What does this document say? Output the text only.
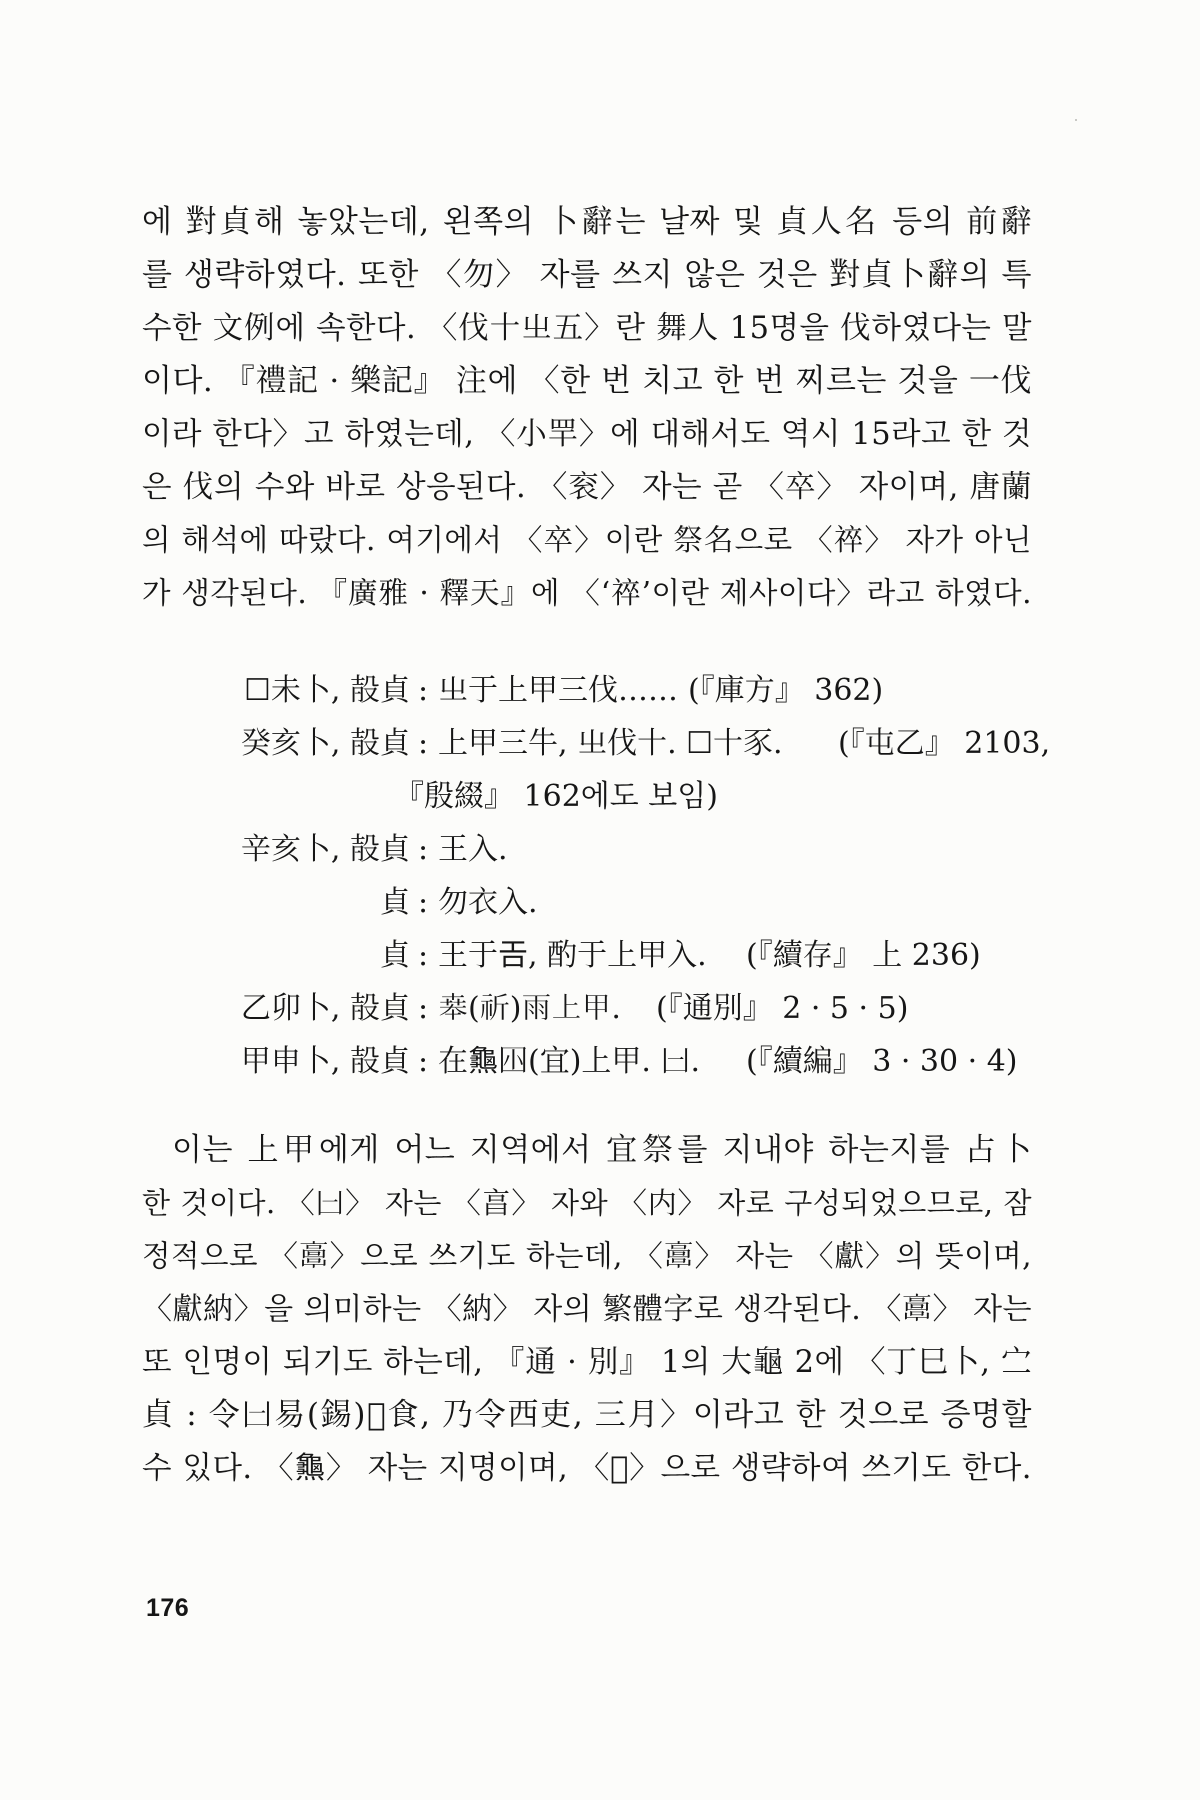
에 對貞해 놓았는데, 왼쪽의 卜辭는 날짜 및 貞人名 등의 前辭
를 생략하였다. 또한 〈勿〉 자를 쓰지 않은 것은 對貞卜辭의 특
수한 文例에 속한다. 〈伐十㞢五〉란 舞人 15명을 伐하였다는 말
이다. 『禮記 · 樂記』 注에 〈한 번 치고 한 번 찌르는 것을 一伐
이라 한다〉고 하였는데, 〈小䍐〉에 대해서도 역시 15라고 한 것
은 伐의 수와 바로 상응된다. 〈衮〉 자는 곧 〈卒〉 자이며, 唐蘭
의 해석에 따랐다. 여기에서 〈卒〉이란 祭名으로 〈祽〉 자가 아닌
가 생각된다. 『廣雅 · 釋天』에 〈‘祽’이란 제사이다〉라고 하였다.
☐未卜, 㱿貞 : 㞢于上甲三伐…… (『庫方』 362)
癸亥卜, 㱿貞 : 上甲三牛, 㞢伐十. ☐十豕. (『屯乙』 2103,
『殷綴』 162에도 보임)
辛亥卜, 㱿貞 : 王入.
貞 : 勿衣入.
貞 : 王于𢀛, 酌于上甲入. (『續存』 上 236)
乙卯卜, 㱿貞 : 𠦪(祈)雨上甲. (『通別』 2 · 5 · 5)
甲申卜, 㱿貞 : 在𪚰𡆧(宜)上甲. 𠙵. (『續編』 3 · 30 · 4)
이는 上甲에게 어느 지역에서 宜祭를 지내야 하는지를 占卜
한 것이다. 〈𠙵〉 자는 〈亯〉 자와 〈内〉 자로 구성되었으므로, 잠
정적으로 〈𩫖〉으로 쓰기도 하는데, 〈𩫖〉 자는 〈獻〉의 뜻이며,
〈獻納〉을 의미하는 〈納〉 자의 繁體字로 생각된다. 〈𩫖〉 자는
또 인명이 되기도 하는데, 『通 · 別』 1의 大龜 2에 〈丁巳卜, 㝉
貞 : 令𠙵易(錫)𡧊食, 乃令西吏, 三月〉이라고 한 것으로 증명할
수 있다. 〈𪚰〉 자는 지명이며, 〈𠃬〉으로 생략하여 쓰기도 한다.
176
